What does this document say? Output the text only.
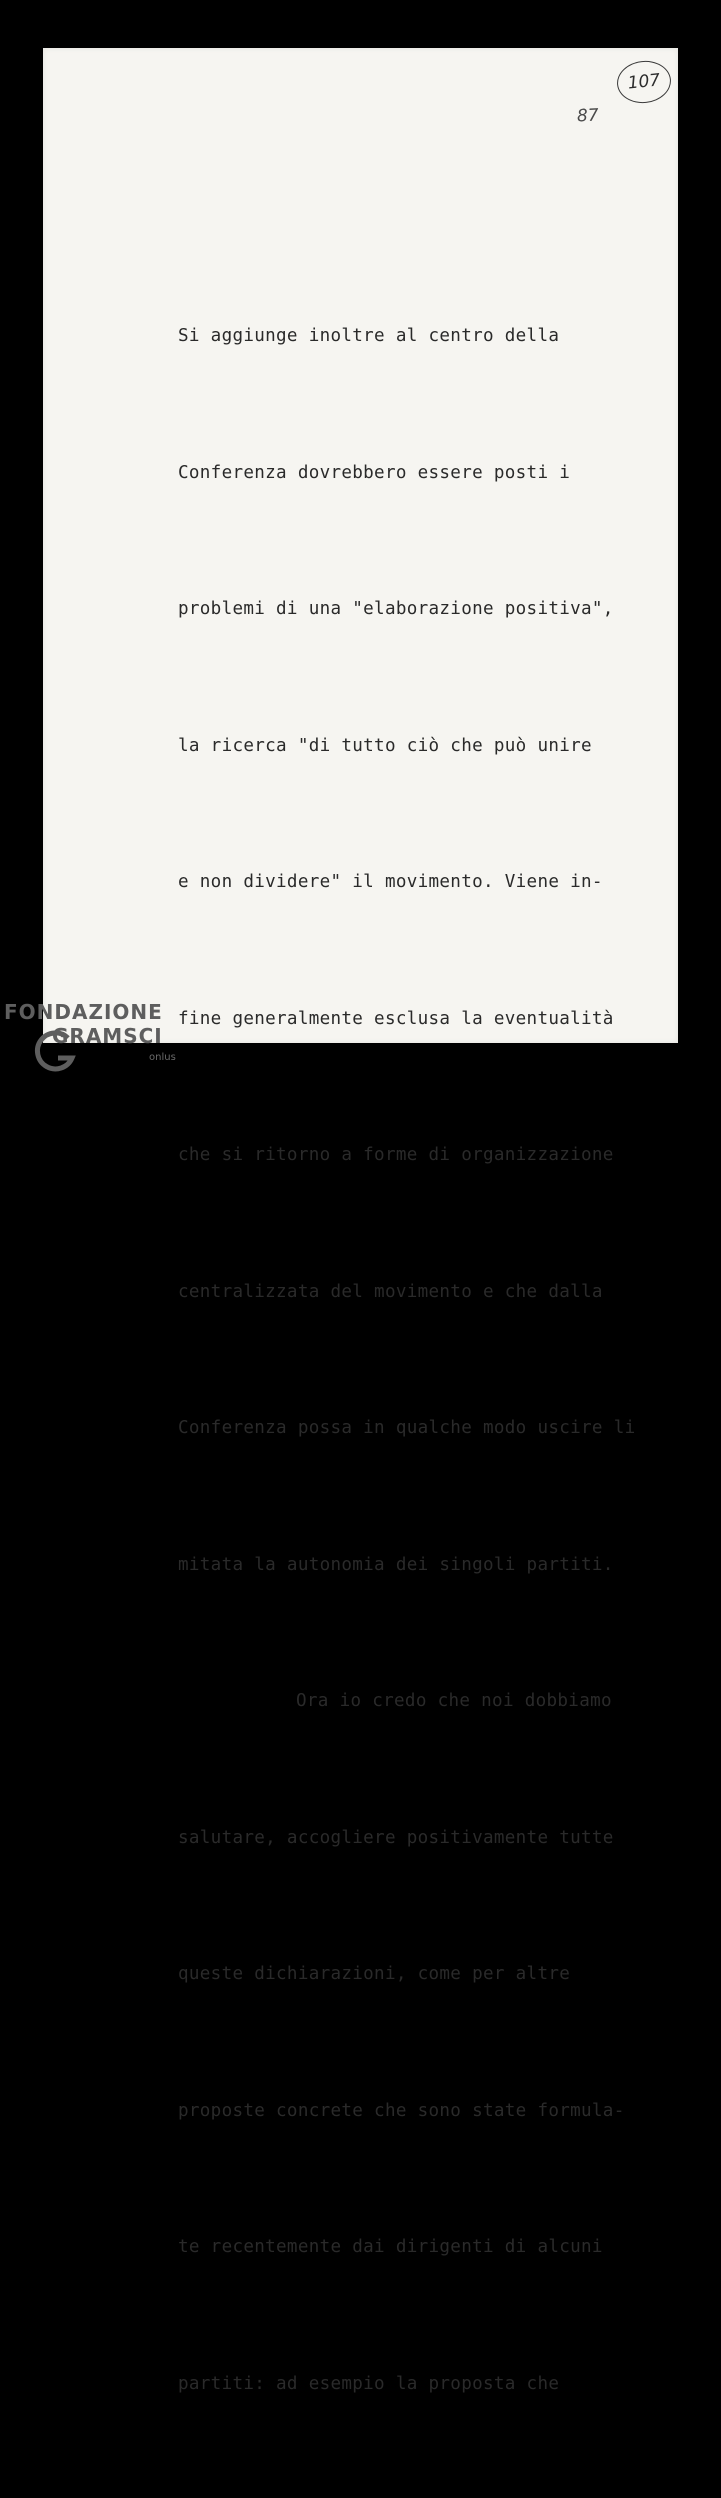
107
87

Si aggiunge inoltre al centro della

Conferenza dovrebbero essere posti i

problemi di una "elaborazione positiva",

la ricerca "di tutto ciò che può unire

e non dividere" il movimento. Viene in-

fine generalmente esclusa la eventualità

che si ritorno a forme di organizzazione

centralizzata del movimento e che dalla

Conferenza possa in qualche modo uscire li

mitata la autonomia dei singoli partiti.

Ora io credo che noi dobbiamo

salutare, accogliere positivamente tutte

queste dichiarazioni, come per altre

proposte concrete che sono state formula-

te recentemente dai dirigenti di alcuni

partiti: ad esempio la proposta che

FONDAZIONE
GRAMSCI
onlus
